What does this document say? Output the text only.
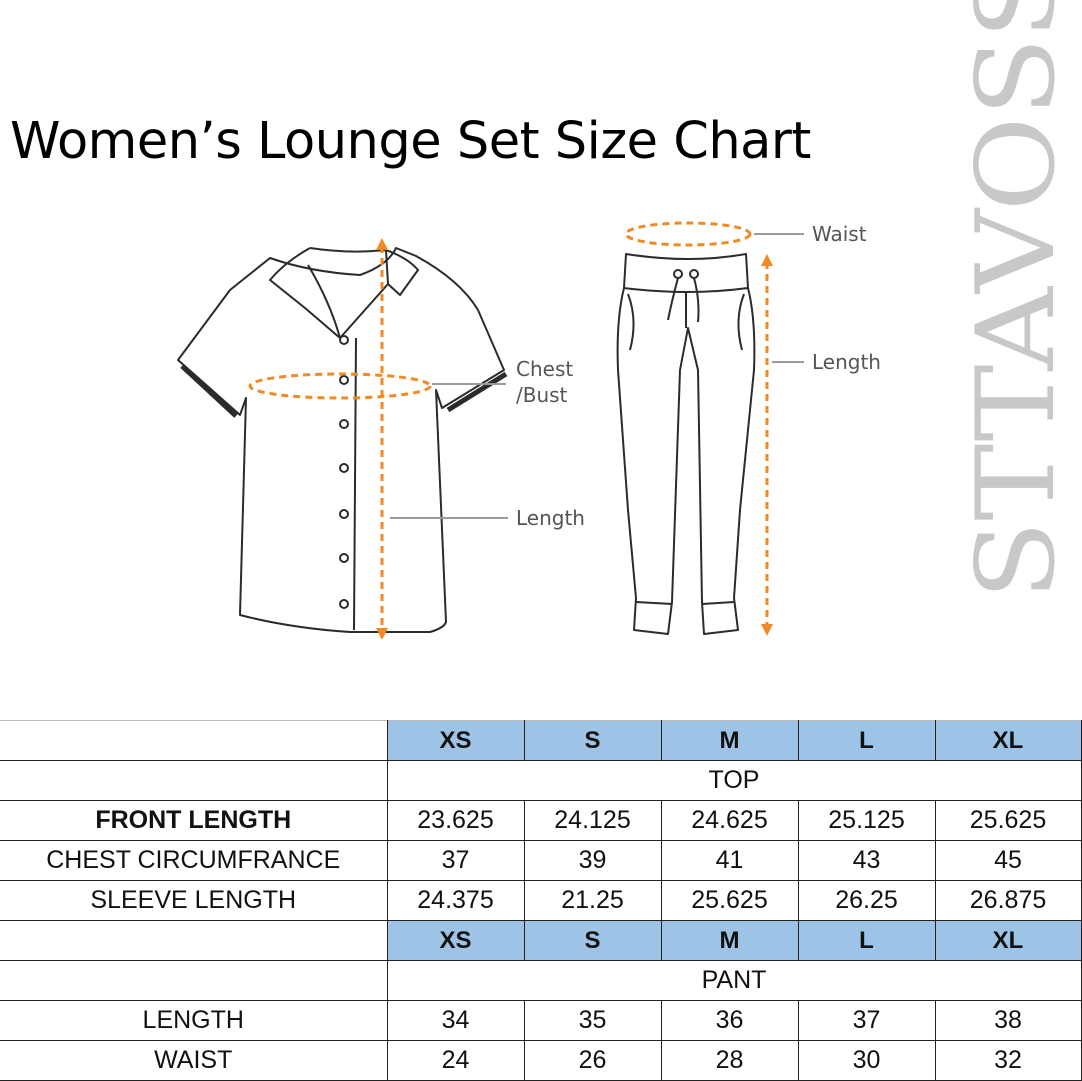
Women’s Lounge Set Size Chart STTAVOSS
Chest
/Bust
Length
Waist
Length
	XS	S	M	L	XL
	TOP				
FRONT LENGTH	23.625	24.125	24.625	25.125	25.625
CHEST CIRCUMFRANCE	37	39	41	43	45
SLEEVE LENGTH	24.375	21.25	25.625	26.25	26.875
	XS	S	M	L	XL
	PANT				
LENGTH	34	35	36	37	38
WAIST	24	26	28	30	32
